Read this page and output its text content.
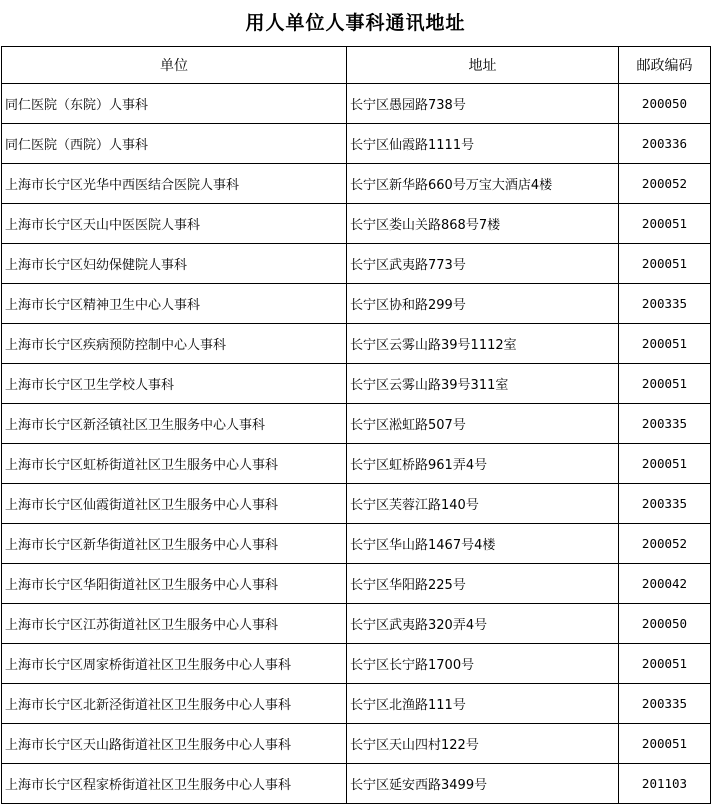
用人单位人事科通讯地址
单位	地址	邮政编码
同仁医院（东院）人事科	长宁区愚园路738号	200050
同仁医院（西院）人事科	长宁区仙霞路1111号	200336
上海市长宁区光华中西医结合医院人事科	长宁区新华路660号万宝大酒店4楼	200052
上海市长宁区天山中医医院人事科	长宁区娄山关路868号7楼	200051
上海市长宁区妇幼保健院人事科	长宁区武夷路773号	200051
上海市长宁区精神卫生中心人事科	长宁区协和路299号	200335
上海市长宁区疾病预防控制中心人事科	长宁区云雾山路39号1112室	200051
上海市长宁区卫生学校人事科	长宁区云雾山路39号311室	200051
上海市长宁区新泾镇社区卫生服务中心人事科	长宁区淞虹路507号	200335
上海市长宁区虹桥街道社区卫生服务中心人事科	长宁区虹桥路961弄4号	200051
上海市长宁区仙霞街道社区卫生服务中心人事科	长宁区芙蓉江路140号	200335
上海市长宁区新华街道社区卫生服务中心人事科	长宁区华山路1467号4楼	200052
上海市长宁区华阳街道社区卫生服务中心人事科	长宁区华阳路225号	200042
上海市长宁区江苏街道社区卫生服务中心人事科	长宁区武夷路320弄4号	200050
上海市长宁区周家桥街道社区卫生服务中心人事科	长宁区长宁路1700号	200051
上海市长宁区北新泾街道社区卫生服务中心人事科	长宁区北渔路111号	200335
上海市长宁区天山路街道社区卫生服务中心人事科	长宁区天山四村122号	200051
上海市长宁区程家桥街道社区卫生服务中心人事科	长宁区延安西路3499号	201103
